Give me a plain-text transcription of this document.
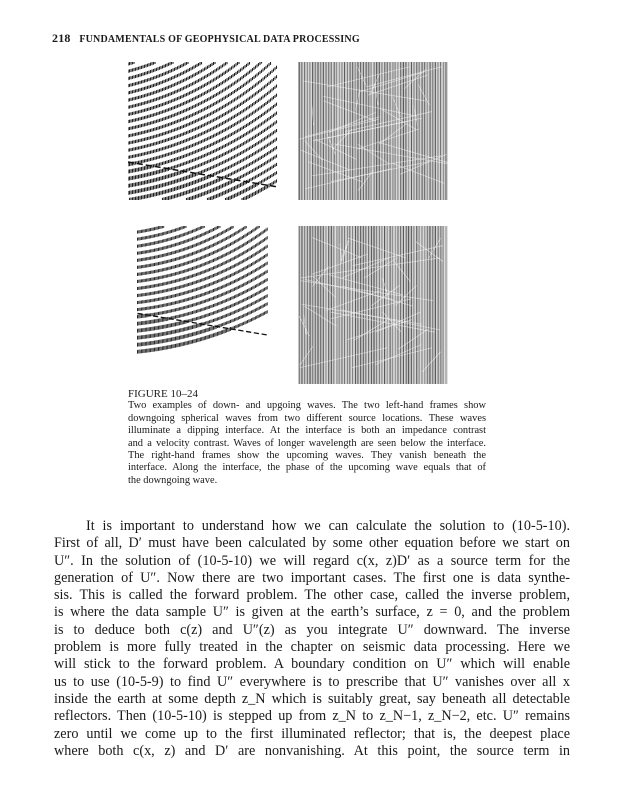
218 FUNDAMENTALS OF GEOPHYSICAL DATA PROCESSING
FIGURE 10–24
Two examples of down- and upgoing waves. The two left-hand frames show
downgoing spherical waves from two different source locations. These waves
illuminate a dipping interface. At the interface is both an impedance contrast
and a velocity contrast. Waves of longer wavelength are seen below the interface.
The right-hand frames show the upcoming waves. They vanish beneath the
interface. Along the interface, the phase of the upcoming wave equals that of
the downgoing wave.
It is important to understand how we can calculate the solution to (10-5-10).
First of all, D′ must have been calculated by some other equation before we start on
U″. In the solution of (10-5-10) we will regard c(x, z)D′ as a source term for the
generation of U″. Now there are two important cases. The first one is data synthe-
sis. This is called the forward problem. The other case, called the inverse problem,
is where the data sample U″ is given at the earth’s surface, z = 0, and the problem
is to deduce both c(z) and U″(z) as you integrate U″ downward. The inverse
problem is more fully treated in the chapter on seismic data processing. Here we
will stick to the forward problem. A boundary condition on U″ which will enable
us to use (10-5-9) to find U″ everywhere is to prescribe that U″ vanishes over all x
inside the earth at some depth z_N which is suitably great, say beneath all detectable
reflectors. Then (10-5-10) is stepped up from z_N to z_N−1, z_N−2, etc. U″ remains
zero until we come up to the first illuminated reflector; that is, the deepest place
where both c(x, z) and D′ are nonvanishing. At this point, the source term in
